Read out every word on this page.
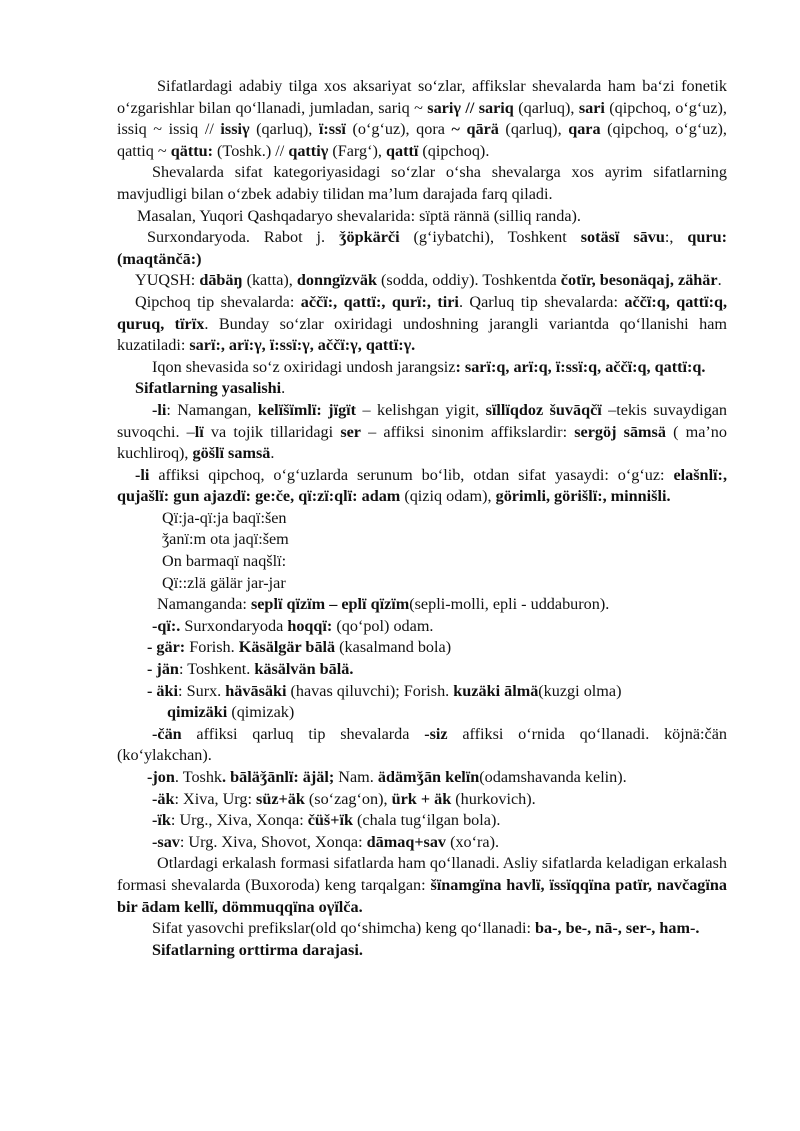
Sifatlardagi adabiy tilga xos aksariyat so‘zlar, affikslar shevalarda ham ba‘zi fonetik o‘zgarishlar bilan qo‘llanadi, jumladan, sariq ~ sariγ // sariq (qarluq), sari (qipchoq, o‘g‘uz), issiq ~ issiq // issiγ (qarluq), ï:ssï (o‘g‘uz), qora ~ qārä (qarluq), qara (qipchoq, o‘g‘uz), qattiq ~ qättu: (Toshk.) // qattiγ (Farg‘), qattï (qipchoq).

Shevalarda sifat kategoriyasidagi so‘zlar o‘sha shevalarga xos ayrim sifatlarning mavjudligi bilan o‘zbek adabiy tilidan ma’lum darajada farq qiladi.

Masalan, Yuqori Qashqadaryo shevalarida: sïptä rännä (silliq randa).

Surxondaryoda. Rabot j. ǯöpkärči (g‘iybatchi), Toshkent sotäsï sāvu:, quru: (maqtänčā:)

YUQSH: dābäŋ (katta), donngïzväk (sodda, oddiy). Toshkentda čotïr, besonäqaj, zähär.

Qipchoq tip shevalarda: aččï:, qattï:, qurï:, tiri. Qarluq tip shevalarda: aččï:q, qattï:q, quruq, tïrïx. Bunday so‘zlar oxiridagi undoshning jarangli variantda qo‘llanishi ham kuzatiladi: sarï:, arï:γ, ï:ssï:γ, aččï:γ, qattï:γ.

Iqon shevasida so‘z oxiridagi undosh jarangsiz: sarï:q, arï:q, ï:ssï:q, aččï:q, qattï:q.

Sifatlarning yasalishi.

-li: Namangan, kelïšïmlï: jïgït – kelishgan yigit, sïllïqdoz šuvāqčï –tekis suvaydigan suvoqchi. –lï va tojik tillaridagi ser – affiksi sinonim affikslardir: sergöj sāmsä ( ma’no kuchliroq), göšlï samsä.

-li affiksi qipchoq, o‘g‘uzlarda serunum bo‘lib, otdan sifat yasaydi: o‘g‘uz: elašnlï:, qujašlï: gun ajazdï: ge:če, qï:zï:qlï: adam (qiziq odam), görimli, görišlï:, minnišli.

Qï:ja-qï:ja baqï:šen

ǯanï:m ota jaqï:šem

On barmaqï naqšlï:

Qï::zlä gälär jar-jar

Namanganda: seplï qïzïm – eplï qïzïm(sepli-molli, epli - uddaburon).

-qï:. Surxondaryoda hoqqï: (qo‘pol) odam.

- gär: Forish. Käsälgär bālä (kasalmand bola)

- jän: Toshkent. käsälvän bālä.

- äki: Surx. hävāsäki (havas qiluvchi); Forish. kuzäki ālmä(kuzgi olma)

qimizäki (qimizak)

-čän affiksi qarluq tip shevalarda -siz affiksi o‘rnida qo‘llanadi. köjnä:čän (ko‘ylakchan).

-jon. Toshk. bāläǯānlï: äjäl; Nam. ädämǯān kelïn(odamshavanda kelin).

-äk: Xiva, Urg: süz+äk (so‘zag‘on), ürk + äk (hurkovich).

-ïk: Urg., Xiva, Xonqa: čüš+ïk (chala tug‘ilgan bola).

-sav: Urg. Xiva, Shovot, Xonqa: dāmaq+sav (xo‘ra).

Otlardagi erkalash formasi sifatlarda ham qo‘llanadi. Asliy sifatlarda keladigan erkalash formasi shevalarda (Buxoroda) keng tarqalgan: šïnamgïna havlï, ïssïqqïna patïr, navčagïna bir ādam kellï, dömmuqqïna oγïlča.

Sifat yasovchi prefikslar(old qo‘shimcha) keng qo‘llanadi: ba-, be-, nā-, ser-, ham-.

Sifatlarning orttirma darajasi.
